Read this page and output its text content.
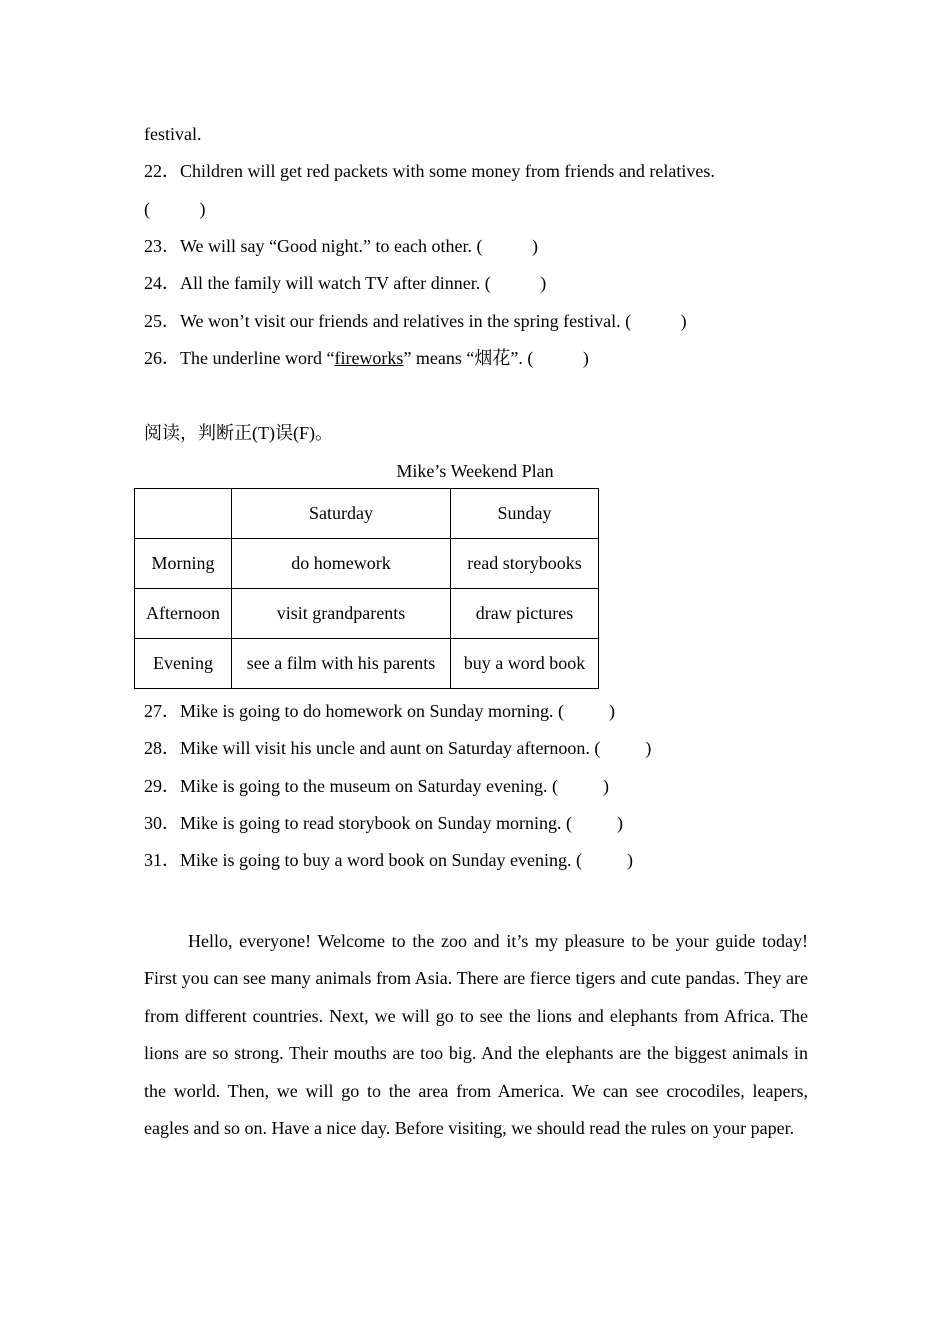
festival.
22．Children will get red packets with some money from friends and relatives.
(           )
23．We will say “Good night.” to each other. (           )
24．All the family will watch TV after dinner. (           )
25．We won’t visit our friends and relatives in the spring festival. (           )
26．The underline word “fireworks” means “烟花”. (           )
阅读，判断正(T)误(F)。
Mike’s Weekend Plan
	Saturday	Sunday
Morning	do homework	read storybooks
Afternoon	visit grandparents	draw pictures
Evening	see a film with his parents	buy a word book
27．Mike is going to do homework on Sunday morning. (          )
28．Mike will visit his uncle and aunt on Saturday afternoon. (          )
29．Mike is going to the museum on Saturday evening. (          )
30．Mike is going to read storybook on Sunday morning. (          )
31．Mike is going to buy a word book on Sunday evening. (          )
Hello, everyone! Welcome to the zoo and it’s my pleasure to be your guide today! First you can see many animals from Asia. There are fierce tigers and cute pandas. They are from different countries. Next, we will go to see the lions and elephants from Africa. The lions are so strong. Their mouths are too big. And the elephants are the biggest animals in the world. Then, we will go to the area from America. We can see crocodiles, leapers, eagles and so on. Have a nice day. Before visiting, we should read the rules on your paper.
